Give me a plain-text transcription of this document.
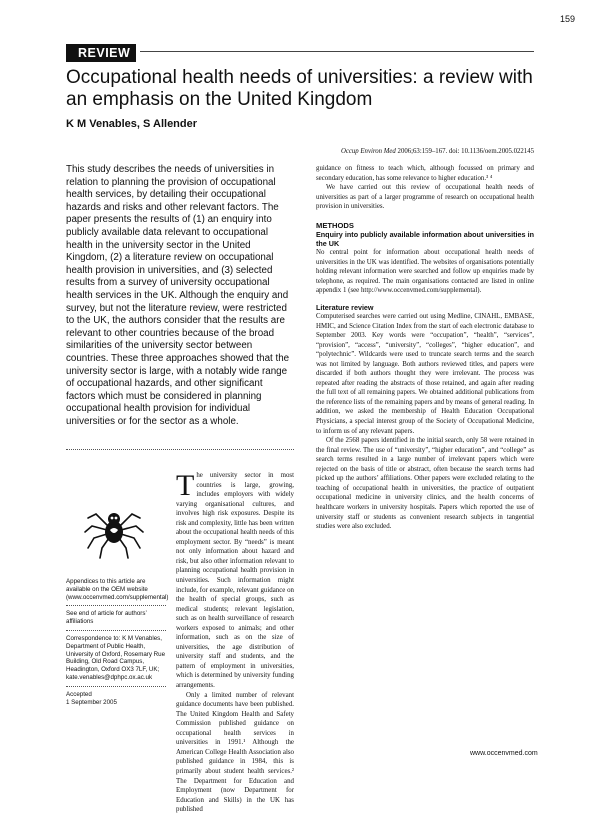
159
REVIEW
Occupational health needs of universities: a review with an emphasis on the United Kingdom
K M Venables, S Allender
Occup Environ Med 2006;63:159–167. doi: 10.1136/oem.2005.022145

This study describes the needs of universities in relation to planning the provision of occupational health services, by detailing their occupational hazards and risks and other relevant factors. The paper presents the results of (1) an enquiry into publicly available data relevant to occupational health in the university sector in the United Kingdom, (2) a literature review on occupational health provision in universities, and (3) selected results from a survey of university occupational health services in the UK. Although the enquiry and survey, but not the literature review, were restricted to the UK, the authors consider that the results are relevant to other countries because of the broad similarities of the university sector between countries. These three approaches showed that the university sector is large, with a notably wide range of occupational hazards, and other significant factors which must be considered in planning occupational health provision for individual universities or for the sector as a whole.

Appendices to this article are available on the OEM website (www.occenvmed.com/supplemental)

See end of article for authors’ affiliations

Correspondence to: K M Venables, Department of Public Health, University of Oxford, Rosemary Rue Building, Old Road Campus, Headington, Oxford OX3 7LF, UK; kate.venables@dphpc.ox.ac.uk

Accepted

1 September 2005

The university sector in most countries is large, growing, includes employers with widely varying organisational cultures, and involves high risk exposures. Despite its risk and complexity, little has been written about the occupational health needs of this employment sector. By “needs” is meant not only information about hazard and risk, but also other information relevant to planning occupational health provision in universities. Such information might include, for example, relevant guidance on the health of special groups, such as medical students; relevant legislation, such as on health surveillance of research workers exposed to animals; and other information, such as on the size of universities, the age distribution of university staff and students, and the pattern of employment in universities, which is determined by university funding arrangements.

Only a limited number of relevant guidance documents have been published. The United Kingdom Health and Safety Commission published guidance on occupational health services in universities in 1991.¹ Although the American College Health Association also published guidance in 1984, this is primarily about student health services.² The Department for Education and Employment (now Department for Education and Skills) in the UK has published

guidance on fitness to teach which, although focussed on primary and secondary education, has some relevance to higher education.³ ⁴

We have carried out this review of occupational health needs of universities as part of a larger programme of research on occupational health provision in universities.

METHODS

Enquiry into publicly available information about universities in the UK

No central point for information about occupational health needs of universities in the UK was identified. The websites of organisations potentially holding relevant information were searched and follow up enquiries made by telephone, as required. The main organisations contacted are listed in online appendix 1 (see http://www.occenvmed.com/supplemental).

Literature review

Computerised searches were carried out using Medline, CINAHL, EMBASE, HMIC, and Science Citation Index from the start of each electronic database to September 2003. Key words were “occupation”, “health”, “services”, “provision”, “access”, “university”, “colleges”, “higher education”, and “polytechnic”. Wildcards were used to truncate search terms and the search was not limited by language. Both authors reviewed titles, and papers were discarded if both authors thought they were irrelevant. The process was repeated after reading the abstracts of those retained, and again after reading the full text of all remaining papers. We obtained additional publications from the reference lists of the remaining papers and by means of general reading. In addition, we asked the membership of Health Education Occupational Physicians, a special interest group of the Society of Occupational Medicine, to inform us of any relevant papers.

Of the 2568 papers identified in the initial search, only 58 were retained in the final review. The use of “university”, “higher education”, and “college” as search terms resulted in a large number of irrelevant papers which were rejected on the basis of title or abstract, often because the search terms had picked up the authors’ affiliations. Other papers were excluded relating to the teaching of occupational health in universities, the practice of outpatient occupational medicine in university clinics, and the health concerns of healthcare workers in university hospitals. Papers which reported the use of university staff or students as convenient research subjects in tangential studies were also excluded.

www.occenvmed.com
